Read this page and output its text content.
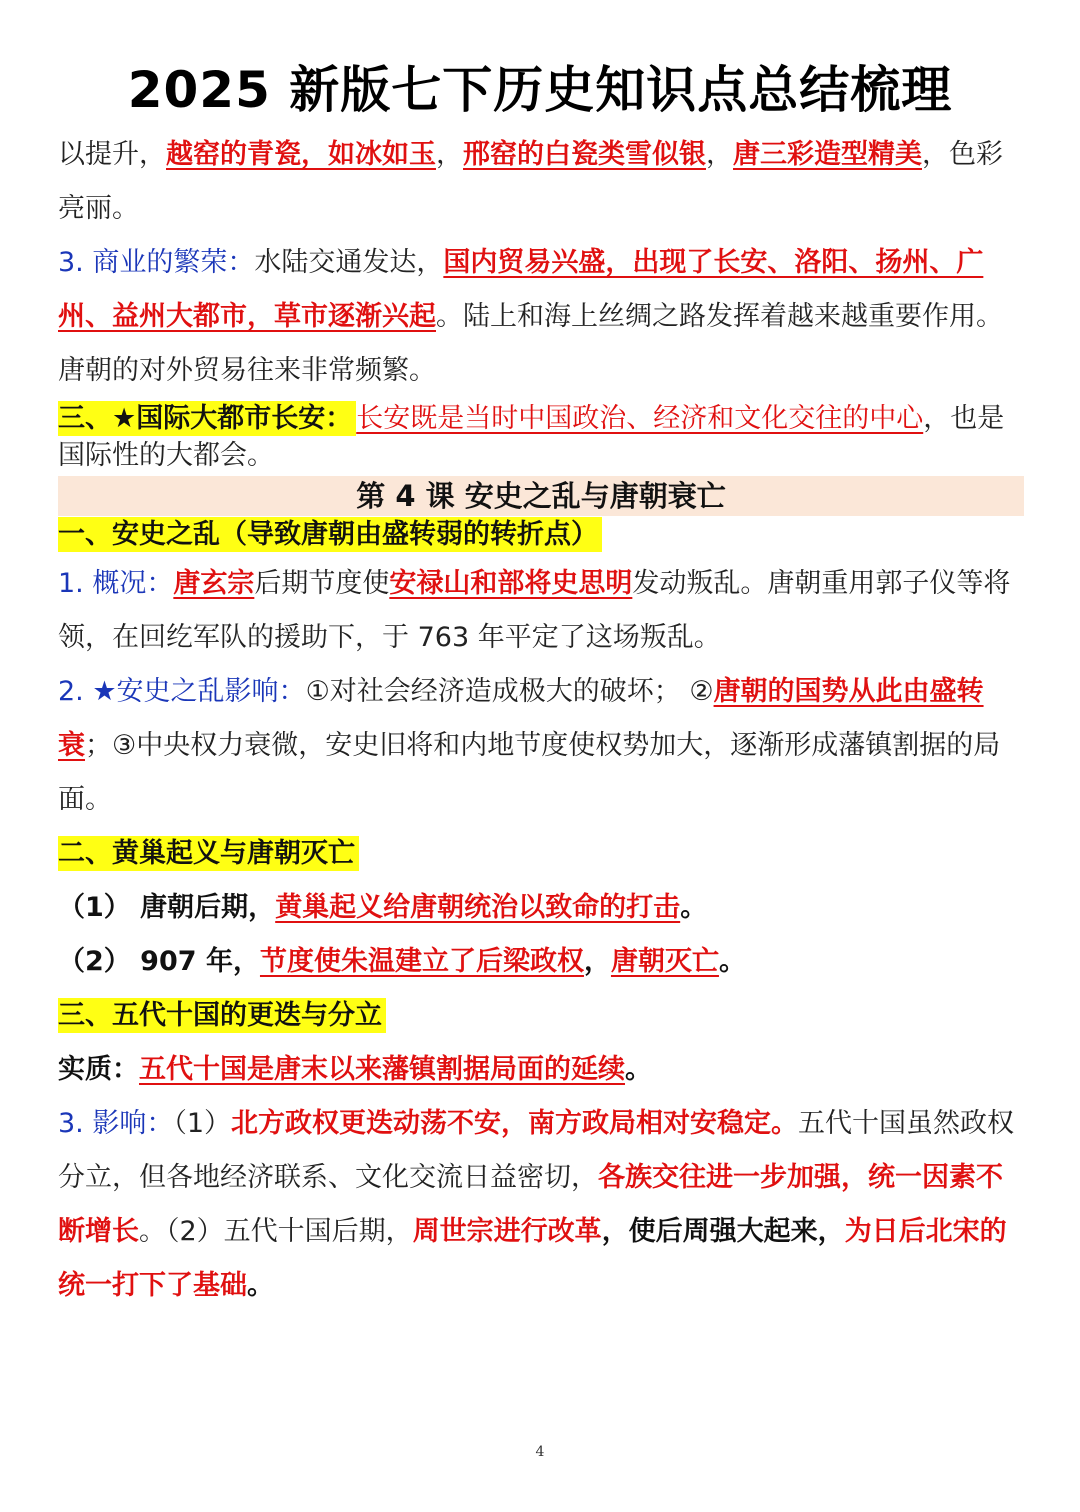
2025 新版七下历史知识点总结梳理

以提升，越窑的青瓷，如冰如玉，邢窑的白瓷类雪似银，唐三彩造型精美，色彩亮丽。

3. 商业的繁荣：水陆交通发达，国内贸易兴盛，出现了长安、洛阳、扬州、广州、益州大都市，草市逐渐兴起。陆上和海上丝绸之路发挥着越来越重要作用。唐朝的对外贸易往来非常频繁。

三、★国际大都市长安： 长安既是当时中国政治、经济和文化交往的中心，也是国际性的大都会。

第 4 课 安史之乱与唐朝衰亡

一、安史之乱（导致唐朝由盛转弱的转折点）

1. 概况：唐玄宗后期节度使安禄山和部将史思明发动叛乱。唐朝重用郭子仪等将领，在回纥军队的援助下，于 763 年平定了这场叛乱。

2. ★安史之乱影响：①对社会经济造成极大的破坏； ②唐朝的国势从此由盛转衰；③中央权力衰微，安史旧将和内地节度使权势加大，逐渐形成藩镇割据的局面。

二、黄巢起义与唐朝灭亡

（1） 唐朝后期，黄巢起义给唐朝统治以致命的打击。

（2） 907 年，节度使朱温建立了后梁政权，唐朝灭亡。

三、五代十国的更迭与分立

实质：五代十国是唐末以来藩镇割据局面的延续。

3. 影响：（1）北方政权更迭动荡不安，南方政局相对安稳定。五代十国虽然政权分立，但各地经济联系、文化交流日益密切，各族交往进一步加强，统一因素不断增长。（2）五代十国后期，周世宗进行改革，使后周强大起来，为日后北宋的统一打下了基础。

4
